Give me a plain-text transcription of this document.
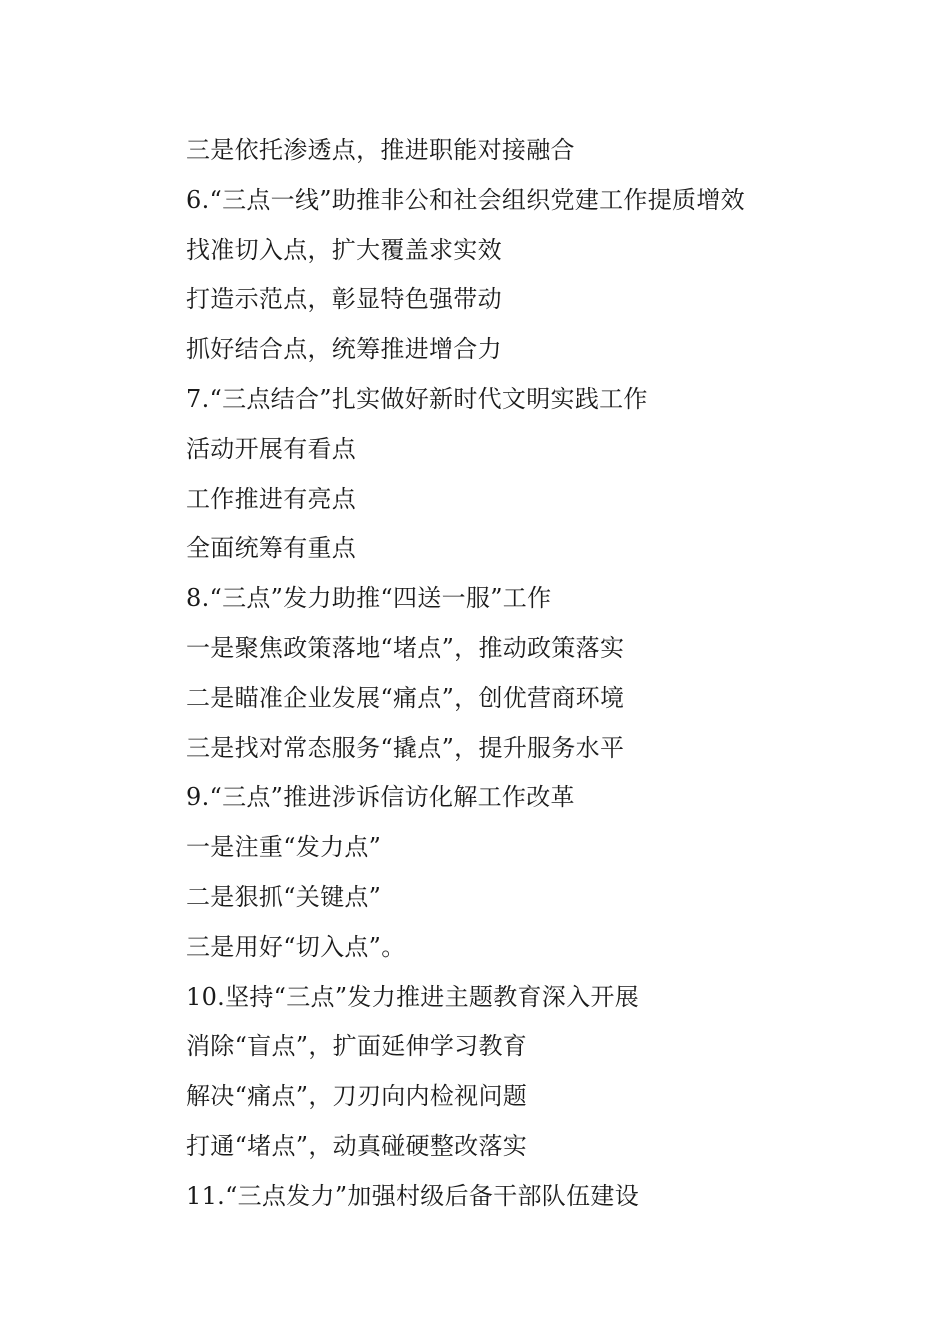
三是依托渗透点，推进职能对接融合
6.“三点一线”助推非公和社会组织党建工作提质增效
找准切入点，扩大覆盖求实效
打造示范点，彰显特色强带动
抓好结合点，统筹推进增合力
7.“三点结合”扎实做好新时代文明实践工作
活动开展有看点
工作推进有亮点
全面统筹有重点
8.“三点”发力助推“四送一服”工作
一是聚焦政策落地“堵点”，推动政策落实
二是瞄准企业发展“痛点”，创优营商环境
三是找对常态服务“撬点”，提升服务水平
9.“三点”推进涉诉信访化解工作改革
一是注重“发力点”
二是狠抓“关键点”
三是用好“切入点”。
10.坚持“三点”发力推进主题教育深入开展
消除“盲点”，扩面延伸学习教育
解决“痛点”，刀刃向内检视问题
打通“堵点”，动真碰硬整改落实
11.“三点发力”加强村级后备干部队伍建设
